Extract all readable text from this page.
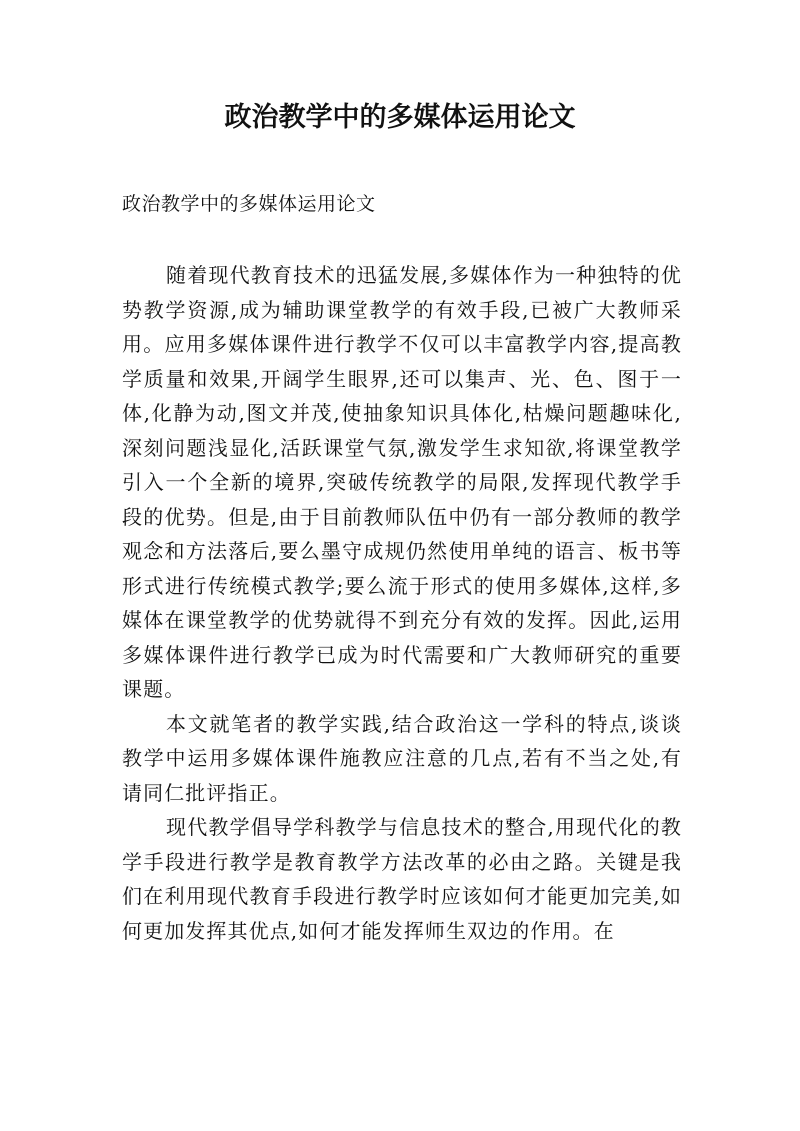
政治教学中的多媒体运用论文
政治教学中的多媒体运用论文

随着现代教育技术的迅猛发展,多媒体作为一种独特的优势教学资源,成为辅助课堂教学的有效手段,已被广大教师采用。应用多媒体课件进行教学不仅可以丰富教学内容,提高教学质量和效果,开阔学生眼界,还可以集声、光、色、图于一体,化静为动,图文并茂,使抽象知识具体化,枯燥问题趣味化,深刻问题浅显化,活跃课堂气氛,激发学生求知欲,将课堂教学引入一个全新的境界,突破传统教学的局限,发挥现代教学手段的优势。但是,由于目前教师队伍中仍有一部分教师的教学观念和方法落后,要么墨守成规仍然使用单纯的语言、板书等形式进行传统模式教学;要么流于形式的使用多媒体,这样,多媒体在课堂教学的优势就得不到充分有效的发挥。因此,运用多媒体课件进行教学已成为时代需要和广大教师研究的重要课题。

本文就笔者的教学实践,结合政治这一学科的特点,谈谈教学中运用多媒体课件施教应注意的几点,若有不当之处,有请同仁批评指正。

现代教学倡导学科教学与信息技术的整合,用现代化的教学手段进行教学是教育教学方法改革的必由之路。关键是我们在利用现代教育手段进行教学时应该如何才能更加完美,如何更加发挥其优点,如何才能发挥师生双边的作用。在
